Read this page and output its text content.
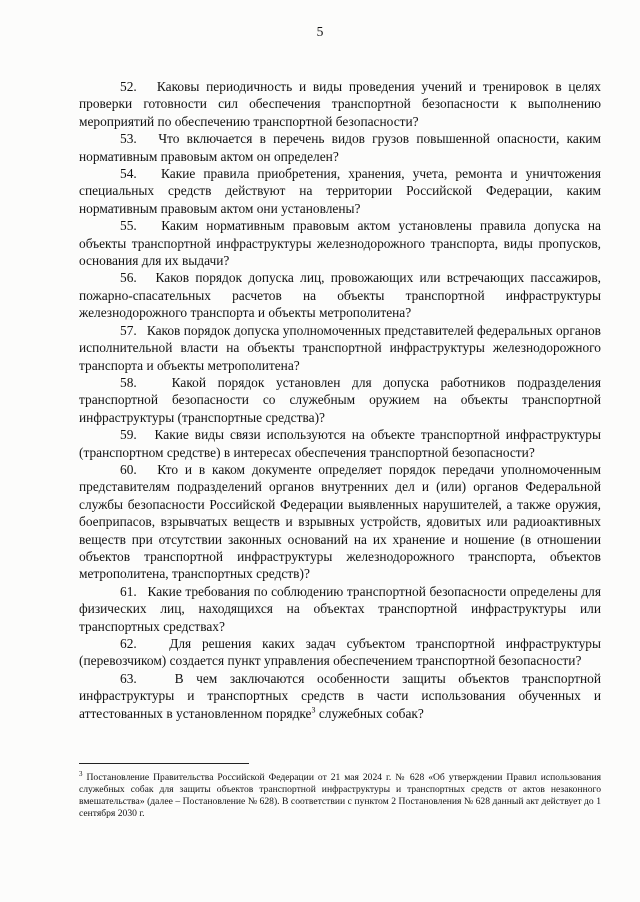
5

52. Каковы периодичность и виды проведения учений и тренировок в целях проверки готовности сил обеспечения транспортной безопасности к выполнению мероприятий по обеспечению транспортной безопасности?

53. Что включается в перечень видов грузов повышенной опасности, каким нормативным правовым актом он определен?

54. Какие правила приобретения, хранения, учета, ремонта и уничтожения специальных средств действуют на территории Российской Федерации, каким нормативным правовым актом они установлены?

55. Каким нормативным правовым актом установлены правила допуска на объекты транспортной инфраструктуры железнодорожного транспорта, виды пропусков, основания для их выдачи?

56. Каков порядок допуска лиц, провожающих или встречающих пассажиров, пожарно-спасательных расчетов на объекты транспортной инфраструктуры железнодорожного транспорта и объекты метрополитена?

57. Каков порядок допуска уполномоченных представителей федеральных органов исполнительной власти на объекты транспортной инфраструктуры железнодорожного транспорта и объекты метрополитена?

58.	Какой порядок установлен для допуска работников подразделения транспортной безопасности со служебным оружием на объекты транспортной инфраструктуры (транспортные средства)?

59. Какие виды связи используются на объекте транспортной инфраструктуры (транспортном средстве) в интересах обеспечения транспортной безопасности?

60. Кто и в каком документе определяет порядок передачи уполномоченным представителям подразделений органов внутренних дел и (или) органов Федеральной службы безопасности Российской Федерации выявленных нарушителей, а также оружия, боеприпасов, взрывчатых веществ и взрывных устройств, ядовитых или радиоактивных веществ при отсутствии законных оснований на их хранение и ношение (в отношении объектов транспортной инфраструктуры железнодорожного транспорта, объектов метрополитена, транспортных средств)?

61. Какие требования по соблюдению транспортной безопасности определены для физических лиц, находящихся на объектах транспортной инфраструктуры или транспортных средствах?

62. Для решения каких задач субъектом транспортной инфраструктуры (перевозчиком) создается пункт управления обеспечением транспортной безопасности?

63.	В чем заключаются особенности защиты объектов транспортной инфраструктуры и транспортных средств в части использования обученных и аттестованных в установленном порядке$^3$ служебных собак?

$^3$ Постановление Правительства Российской Федерации от 21 мая 2024 г. № 628 «Об утверждении Правил использования служебных собак для защиты объектов транспортной инфраструктуры и транспортных средств от актов незаконного вмешательства» (далее – Постановление № 628). В соответствии с пунктом 2 Постановления № 628 данный акт действует до 1 сентября 2030 г.
